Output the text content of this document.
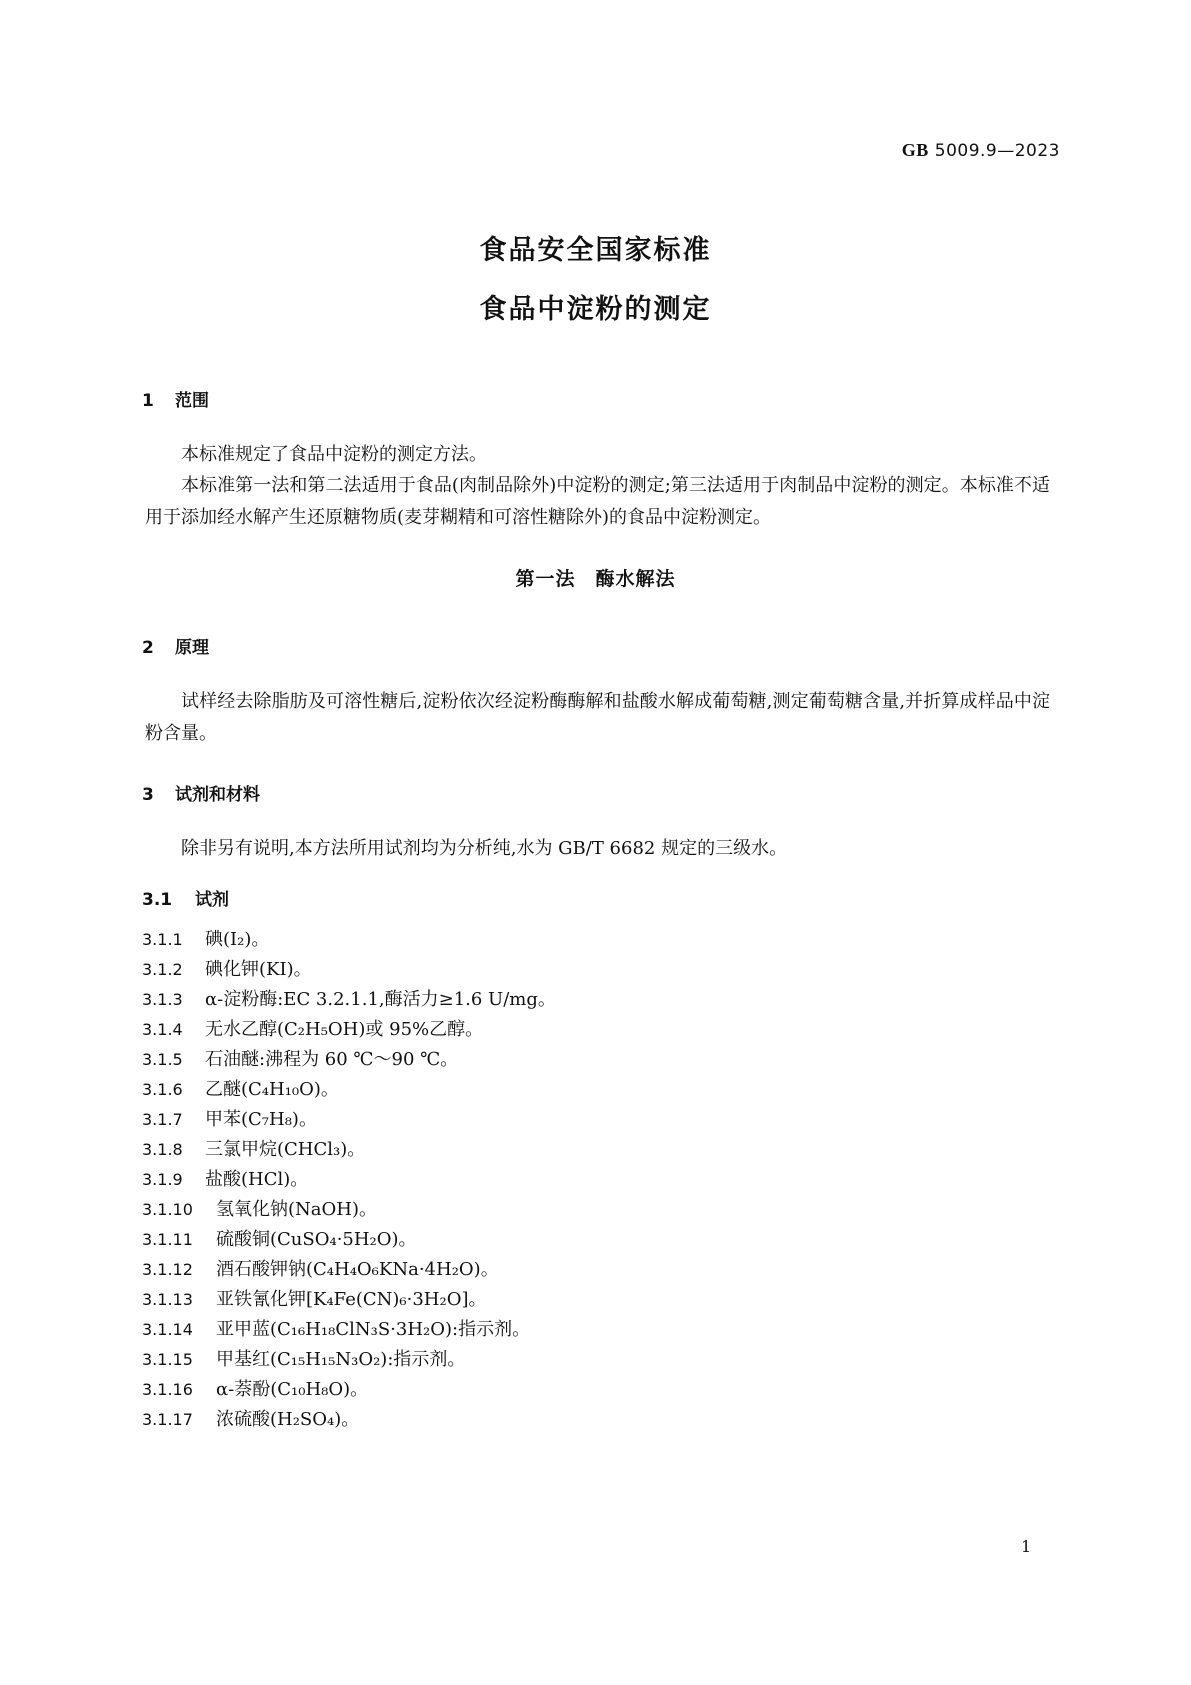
GB 5009.9—2023
食品安全国家标准
食品中淀粉的测定
1 范围
本标准规定了食品中淀粉的测定方法。
本标准第一法和第二法适用于食品(肉制品除外)中淀粉的测定;第三法适用于肉制品中淀粉的测定。本标准不适用于添加经水解产生还原糖物质(麦芽糊精和可溶性糖除外)的食品中淀粉测定。
第一法　酶水解法
2 原理
试样经去除脂肪及可溶性糖后,淀粉依次经淀粉酶酶解和盐酸水解成葡萄糖,测定葡萄糖含量,并折算成样品中淀粉含量。
3 试剂和材料
除非另有说明,本方法所用试剂均为分析纯,水为 GB/T 6682 规定的三级水。
3.1 试剂
3.1.1 碘(I₂)。
3.1.2 碘化钾(KI)。
3.1.3 α-淀粉酶:EC 3.2.1.1,酶活力≥1.6 U/mg。
3.1.4 无水乙醇(C₂H₅OH)或 95%乙醇。
3.1.5 石油醚:沸程为 60 ℃～90 ℃。
3.1.6 乙醚(C₄H₁₀O)。
3.1.7 甲苯(C₇H₈)。
3.1.8 三氯甲烷(CHCl₃)。
3.1.9 盐酸(HCl)。
3.1.10 氢氧化钠(NaOH)。
3.1.11 硫酸铜(CuSO₄·5H₂O)。
3.1.12 酒石酸钾钠(C₄H₄O₆KNa·4H₂O)。
3.1.13 亚铁氰化钾[K₄Fe(CN)₆·3H₂O]。
3.1.14 亚甲蓝(C₁₆H₁₈ClN₃S·3H₂O):指示剂。
3.1.15 甲基红(C₁₅H₁₅N₃O₂):指示剂。
3.1.16 α-萘酚(C₁₀H₈O)。
3.1.17 浓硫酸(H₂SO₄)。
1
